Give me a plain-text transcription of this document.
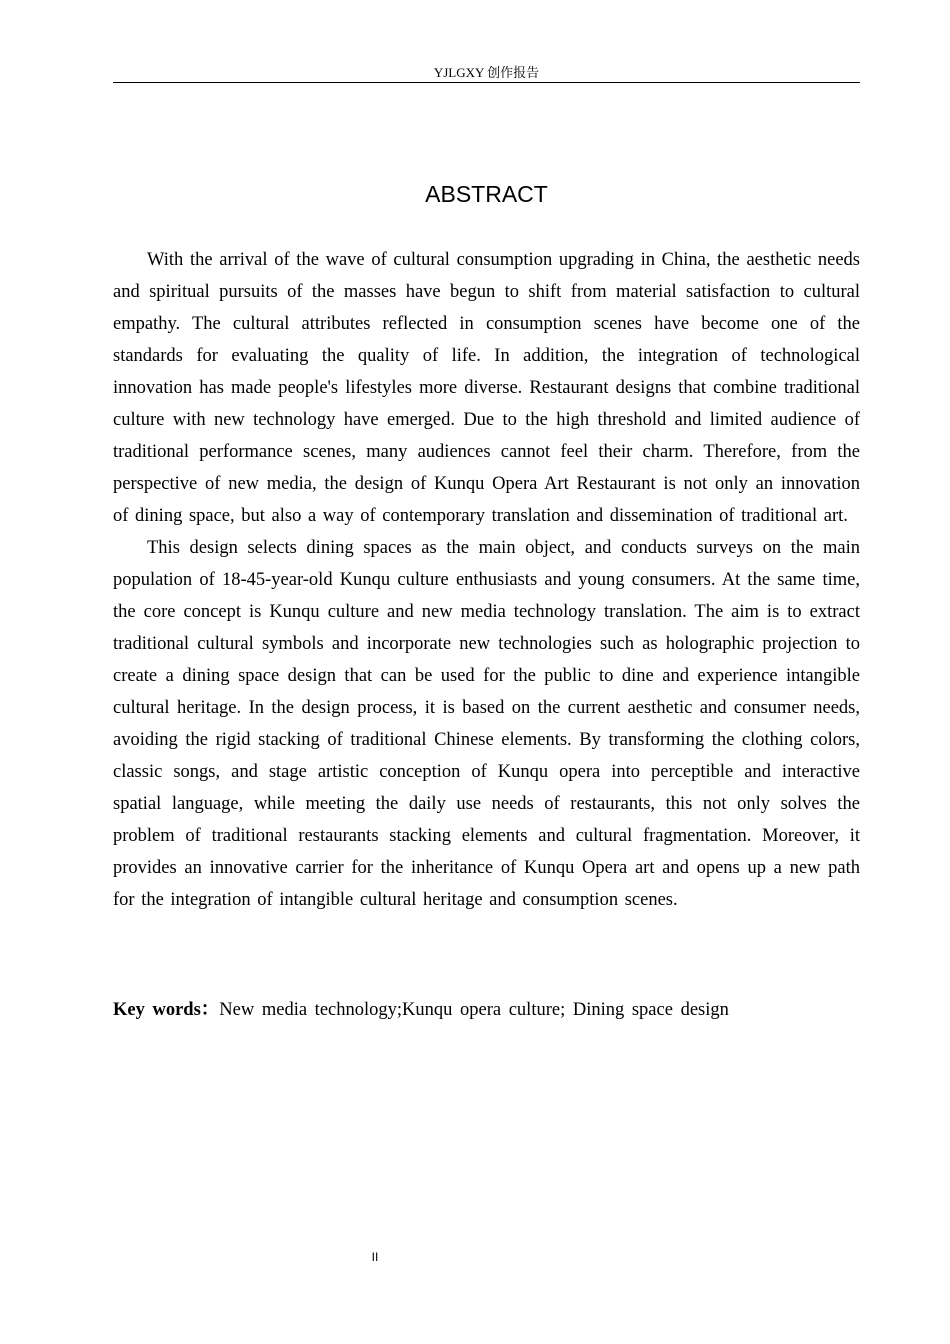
YJLGXY 创作报告
ABSTRACT

With the arrival of the wave of cultural consumption upgrading in China, the aesthetic needs and spiritual pursuits of the masses have begun to shift from material satisfaction to cultural empathy. The cultural attributes reflected in consumption scenes have become one of the standards for evaluating the quality of life. In addition, the integration of technological innovation has made people's lifestyles more diverse. Restaurant designs that combine traditional culture with new technology have emerged. Due to the high threshold and limited audience of traditional performance scenes, many audiences cannot feel their charm. Therefore, from the perspective of new media, the design of Kunqu Opera Art Restaurant is not only an innovation of dining space, but also a way of contemporary translation and dissemination of traditional art.

This design selects dining spaces as the main object, and conducts surveys on the main population of 18-45-year-old Kunqu culture enthusiasts and young consumers. At the same time, the core concept is Kunqu culture and new media technology translation. The aim is to extract traditional cultural symbols and incorporate new technologies such as holographic projection to create a dining space design that can be used for the public to dine and experience intangible cultural heritage. In the design process, it is based on the current aesthetic and consumer needs, avoiding the rigid stacking of traditional Chinese elements. By transforming the clothing colors, classic songs, and stage artistic conception of Kunqu opera into perceptible and interactive spatial language, while meeting the daily use needs of restaurants, this not only solves the problem of traditional restaurants stacking elements and cultural fragmentation. Moreover, it provides an innovative carrier for the inheritance of Kunqu Opera art and opens up a new path for the integration of intangible cultural heritage and consumption scenes.

Key words：New media technology;Kunqu opera culture; Dining space design
II
